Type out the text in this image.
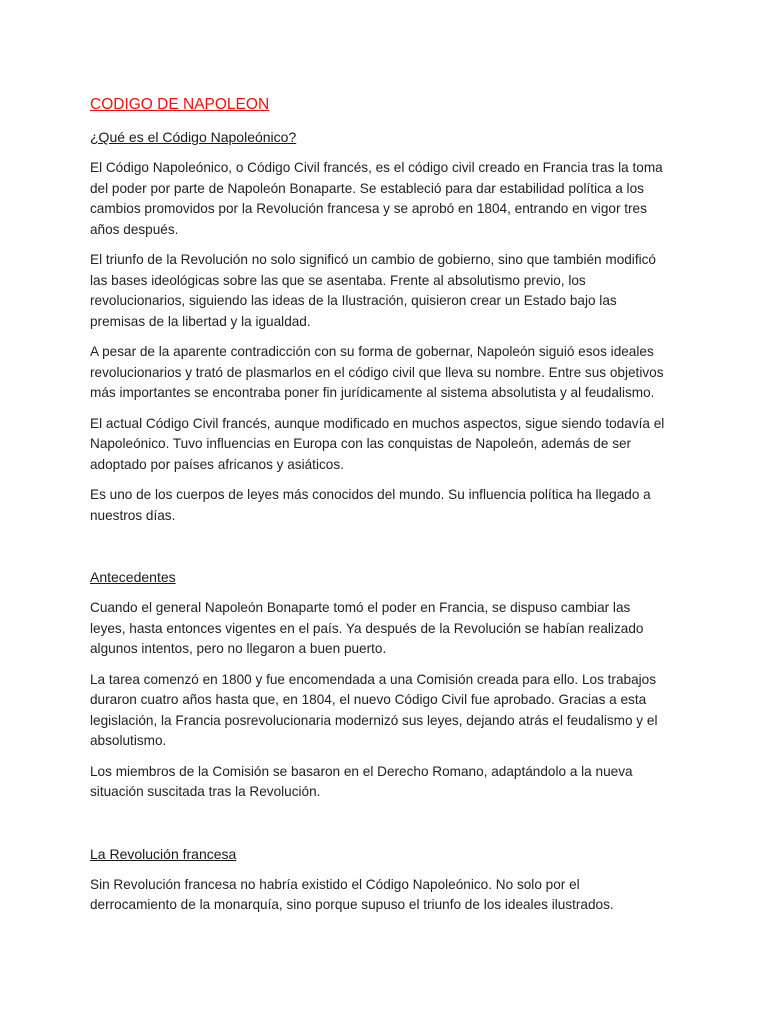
CODIGO DE NAPOLEON
¿Qué es el Código Napoleónico?

El Código Napoleónico, o Código Civil francés, es el código civil creado en Francia tras la toma del poder por parte de Napoleón Bonaparte. Se estableció para dar estabilidad política a los cambios promovidos por la Revolución francesa y se aprobó en 1804, entrando en vigor tres años después.

El triunfo de la Revolución no solo significó un cambio de gobierno, sino que también modificó las bases ideológicas sobre las que se asentaba. Frente al absolutismo previo, los revolucionarios, siguiendo las ideas de la Ilustración, quisieron crear un Estado bajo las premisas de la libertad y la igualdad.

A pesar de la aparente contradicción con su forma de gobernar, Napoleón siguió esos ideales revolucionarios y trató de plasmarlos en el código civil que lleva su nombre. Entre sus objetivos más importantes se encontraba poner fin jurídicamente al sistema absolutista y al feudalismo.

El actual Código Civil francés, aunque modificado en muchos aspectos, sigue siendo todavía el Napoleónico. Tuvo influencias en Europa con las conquistas de Napoleón, además de ser adoptado por países africanos y asiáticos.

Es uno de los cuerpos de leyes más conocidos del mundo. Su influencia política ha llegado a nuestros días.

Antecedentes

Cuando el general Napoleón Bonaparte tomó el poder en Francia, se dispuso cambiar las leyes, hasta entonces vigentes en el país. Ya después de la Revolución se habían realizado algunos intentos, pero no llegaron a buen puerto.

La tarea comenzó en 1800 y fue encomendada a una Comisión creada para ello. Los trabajos duraron cuatro años hasta que, en 1804, el nuevo Código Civil fue aprobado. Gracias a esta legislación, la Francia posrevolucionaria modernizó sus leyes, dejando atrás el feudalismo y el absolutismo.

Los miembros de la Comisión se basaron en el Derecho Romano, adaptándolo a la nueva situación suscitada tras la Revolución.

La Revolución francesa

Sin Revolución francesa no habría existido el Código Napoleónico. No solo por el derrocamiento de la monarquía, sino porque supuso el triunfo de los ideales ilustrados.
